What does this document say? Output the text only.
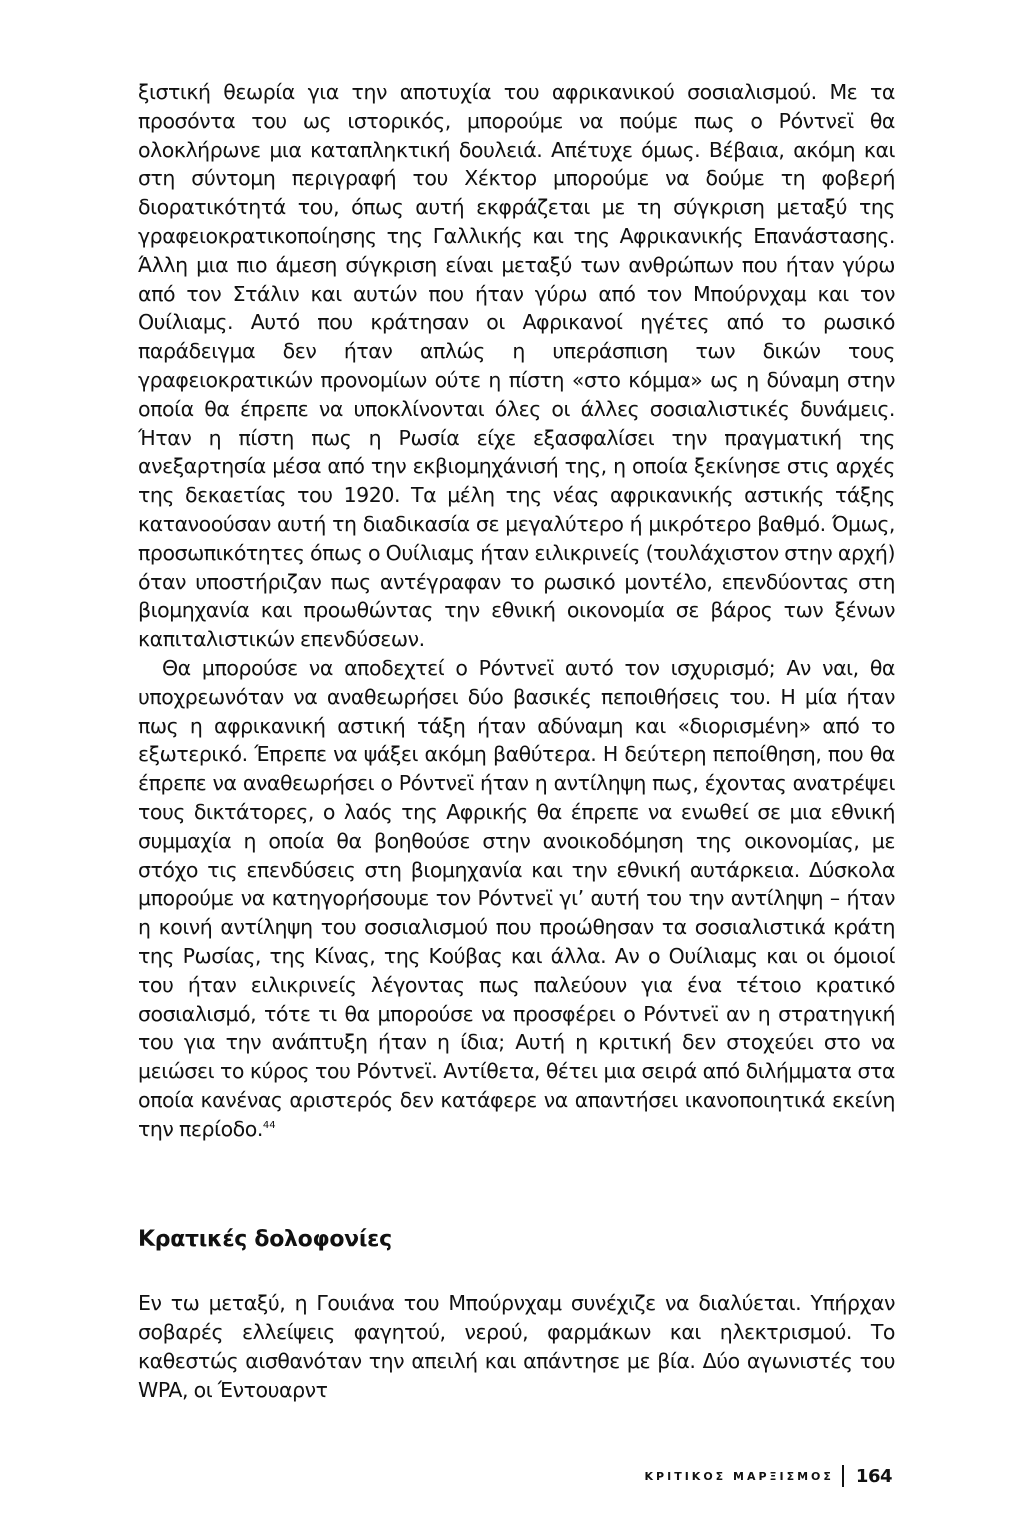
ξιστική θεωρία για την αποτυχία του αφρικανικού σοσιαλισμού. Με τα προσόντα του ως ιστορικός, μπορούμε να πούμε πως ο Ρόντνεϊ θα ολοκλήρωνε μια καταπληκτική δουλειά. Απέτυχε όμως. Βέβαια, ακόμη και στη σύντομη περιγραφή του Χέκτορ μπορούμε να δούμε τη φοβερή διορατικότητά του, όπως αυτή εκφράζεται με τη σύγκριση μεταξύ της γραφειοκρατικοποίησης της Γαλλικής και της Αφρικανικής Επανάστασης. Άλλη μια πιο άμεση σύγκριση είναι μεταξύ των ανθρώπων που ήταν γύρω από τον Στάλιν και αυτών που ήταν γύρω από τον Μπούρνχαμ και τον Ουίλιαμς. Αυτό που κράτησαν οι Αφρικανοί ηγέτες από το ρωσικό παράδειγμα δεν ήταν απλώς η υπεράσπιση των δικών τους γραφειοκρατικών προνομίων ούτε η πίστη «στο κόμμα» ως η δύναμη στην οποία θα έπρεπε να υποκλίνονται όλες οι άλλες σοσιαλιστικές δυνάμεις. Ήταν η πίστη πως η Ρωσία είχε εξασφαλίσει την πραγματική της ανεξαρτησία μέσα από την εκβιομηχάνισή της, η οποία ξεκίνησε στις αρχές της δεκαετίας του 1920. Τα μέλη της νέας αφρικανικής αστικής τάξης κατανοούσαν αυτή τη διαδικασία σε μεγαλύτερο ή μικρότερο βαθμό. Όμως, προσωπικότητες όπως ο Ουίλιαμς ήταν ειλικρινείς (τουλάχιστον στην αρχή) όταν υποστήριζαν πως αντέγραφαν το ρωσικό μοντέλο, επενδύοντας στη βιομηχανία και προωθώντας την εθνική οικονομία σε βάρος των ξένων καπιταλιστικών επενδύσεων.

Θα μπορούσε να αποδεχτεί ο Ρόντνεϊ αυτό τον ισχυρισμό; Αν ναι, θα υποχρεωνόταν να αναθεωρήσει δύο βασικές πεποιθήσεις του. Η μία ήταν πως η αφρικανική αστική τάξη ήταν αδύναμη και «διορισμένη» από το εξωτερικό. Έπρεπε να ψάξει ακόμη βαθύτερα. Η δεύτερη πεποίθηση, που θα έπρεπε να αναθεωρήσει ο Ρόντνεϊ ήταν η αντίληψη πως, έχοντας ανατρέψει τους δικτάτορες, ο λαός της Αφρικής θα έπρεπε να ενωθεί σε μια εθνική συμμαχία η οποία θα βοηθούσε στην ανοικοδόμηση της οικονομίας, με στόχο τις επενδύσεις στη βιομηχανία και την εθνική αυτάρκεια. Δύσκολα μπορούμε να κατηγορήσουμε τον Ρόντνεϊ γι’ αυτή του την αντίληψη – ήταν η κοινή αντίληψη του σοσιαλισμού που προώθησαν τα σοσιαλιστικά κράτη της Ρωσίας, της Κίνας, της Κούβας και άλλα. Αν ο Ουίλιαμς και οι όμοιοί του ήταν ειλικρινείς λέγοντας πως παλεύουν για ένα τέτοιο κρατικό σοσιαλισμό, τότε τι θα μπορούσε να προσφέρει ο Ρόντνεϊ αν η στρατηγική του για την ανάπτυξη ήταν η ίδια; Αυτή η κριτική δεν στοχεύει στο να μειώσει το κύρος του Ρόντνεϊ. Αντίθετα, θέτει μια σειρά από διλήμματα στα οποία κανένας αριστερός δεν κατάφερε να απαντήσει ικανοποιητικά εκείνη την περίοδο.$^{44}$

Κρατικές δολοφονίες

Εν τω μεταξύ, η Γουιάνα του Μπούρνχαμ συνέχιζε να διαλύεται. Υπήρχαν σοβαρές ελλείψεις φαγητού, νερού, φαρμάκων και ηλεκτρισμού. Το καθεστώς αισθανόταν την απειλή και απάντησε με βία. Δύο αγωνιστές του WPA, οι Έντουαρντ

ΚΡΙΤΙΚΟΣ ΜΑΡΞΙΣΜΟΣ 164
